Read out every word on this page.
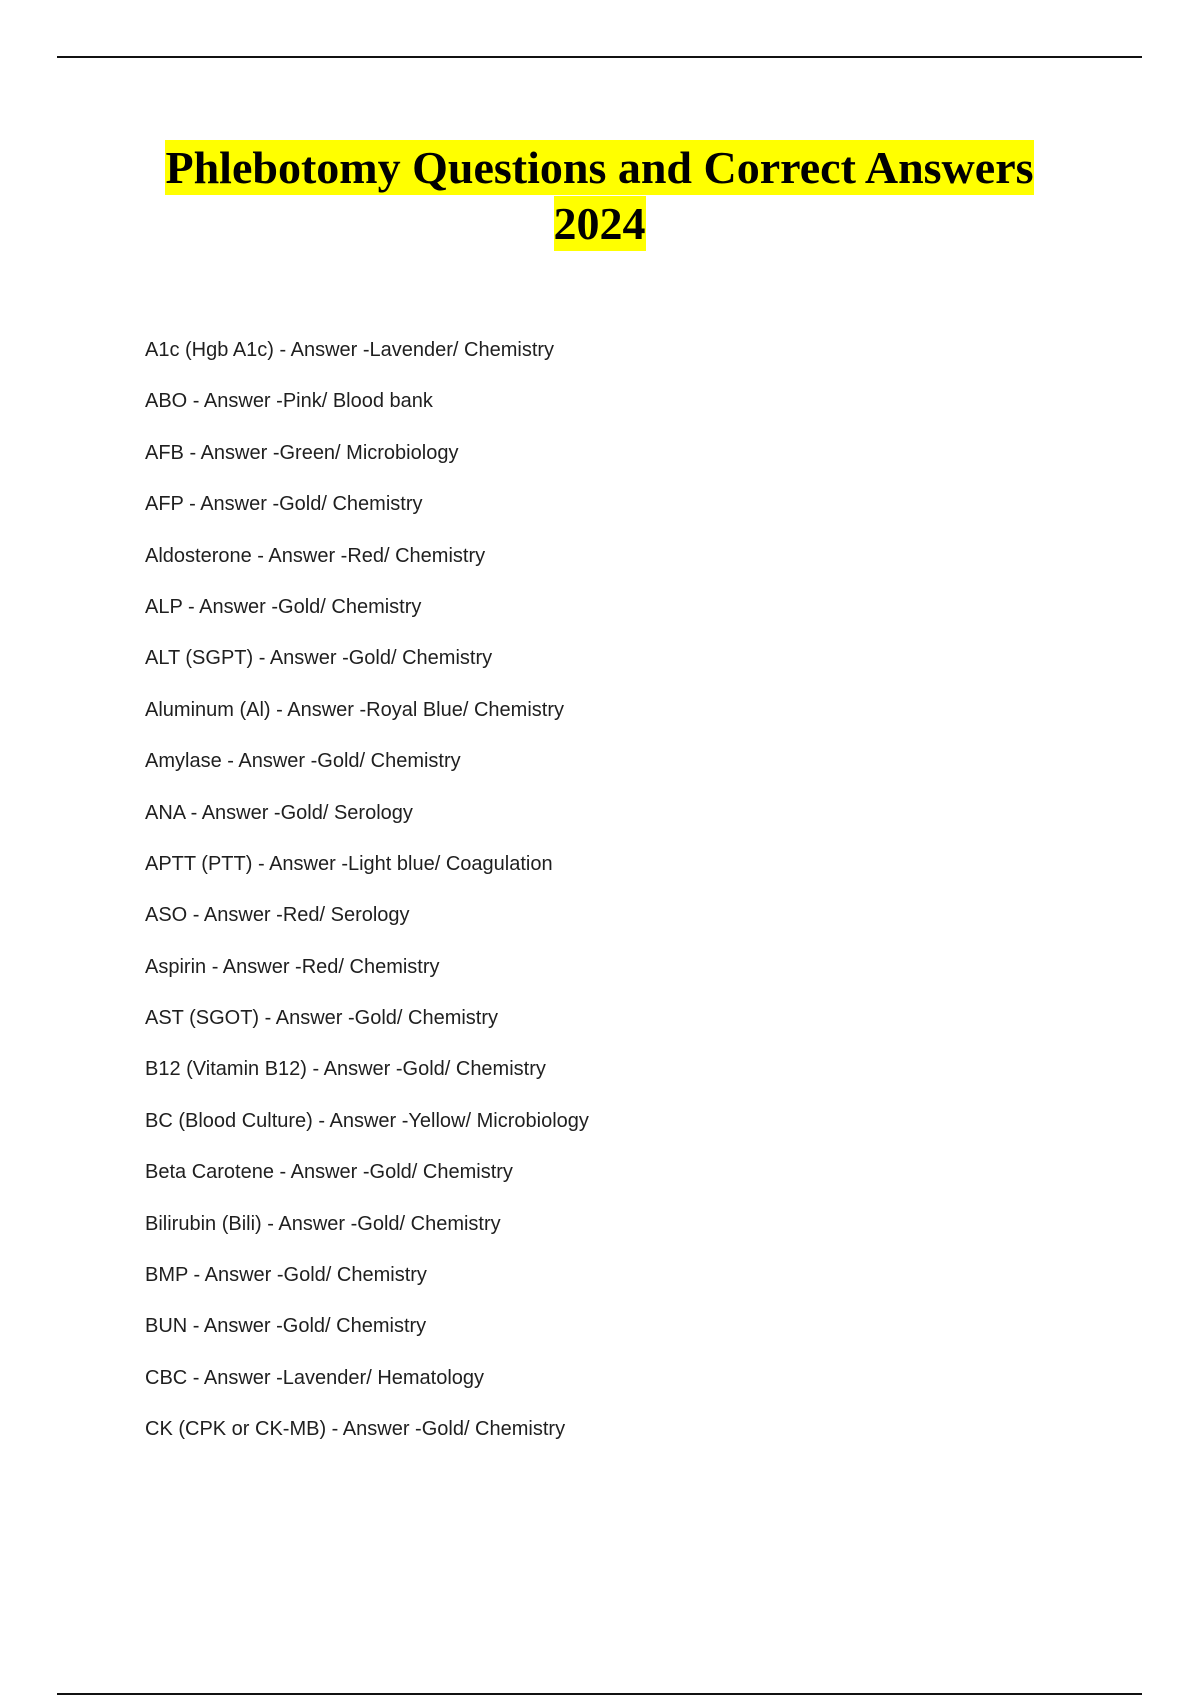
Phlebotomy Questions and Correct Answers
2024
A1c (Hgb A1c) - Answer -Lavender/ Chemistry
ABO - Answer -Pink/ Blood bank
AFB - Answer -Green/ Microbiology
AFP - Answer -Gold/ Chemistry
Aldosterone - Answer -Red/ Chemistry
ALP - Answer -Gold/ Chemistry
ALT (SGPT) - Answer -Gold/ Chemistry
Aluminum (Al) - Answer -Royal Blue/ Chemistry
Amylase - Answer -Gold/ Chemistry
ANA - Answer -Gold/ Serology
APTT (PTT) - Answer -Light blue/ Coagulation
ASO - Answer -Red/ Serology
Aspirin - Answer -Red/ Chemistry
AST (SGOT) - Answer -Gold/ Chemistry
B12 (Vitamin B12) - Answer -Gold/ Chemistry
BC (Blood Culture) - Answer -Yellow/ Microbiology
Beta Carotene - Answer -Gold/ Chemistry
Bilirubin (Bili) - Answer -Gold/ Chemistry
BMP - Answer -Gold/ Chemistry
BUN - Answer -Gold/ Chemistry
CBC - Answer -Lavender/ Hematology
CK (CPK or CK-MB) - Answer -Gold/ Chemistry
